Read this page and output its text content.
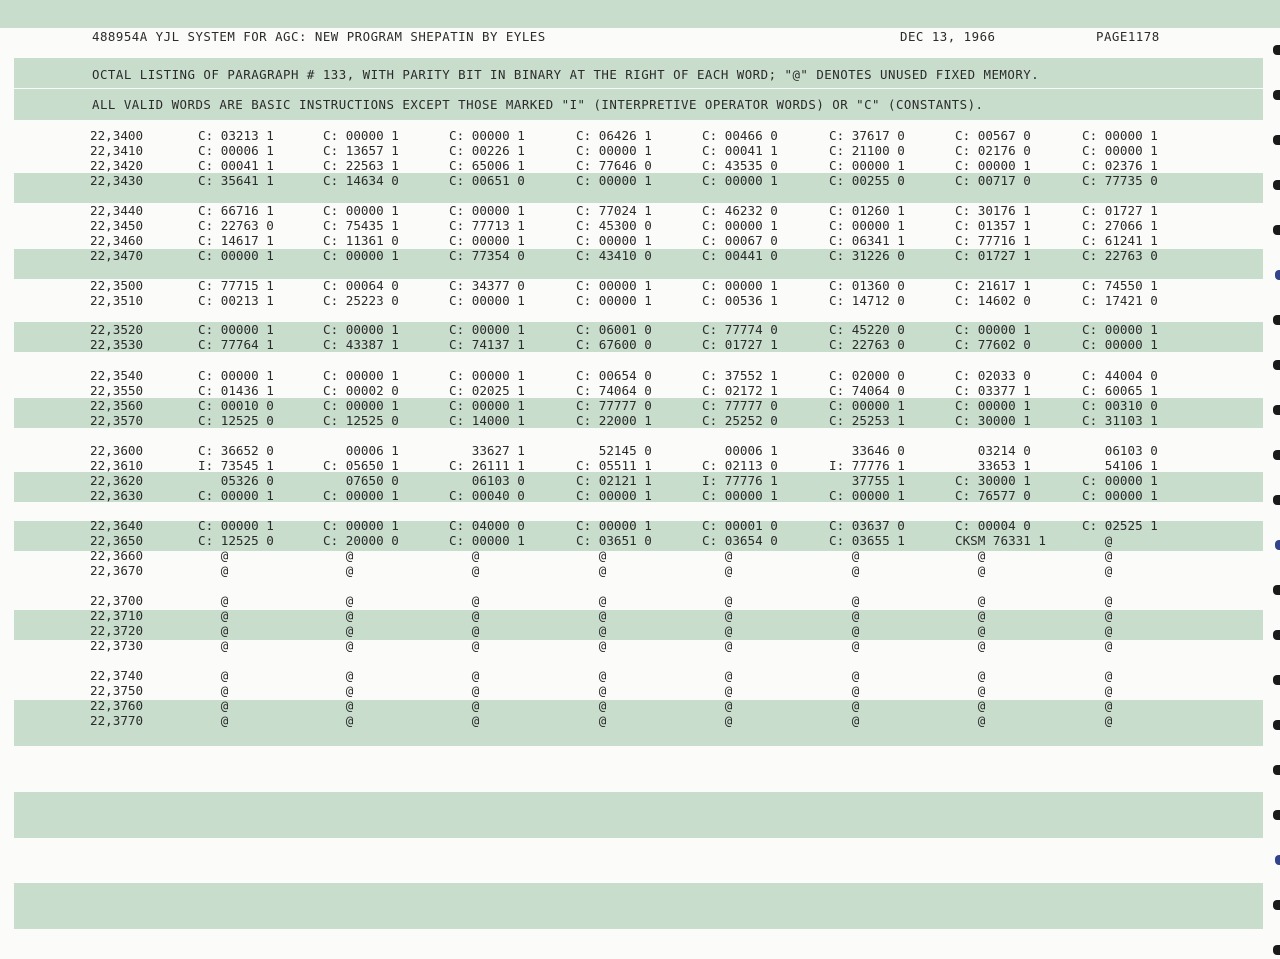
488954A YJL SYSTEM FOR AGC: NEW PROGRAM SHEPATIN BY EYLES	DEC 13, 1966	PAGE1178
OCTAL LISTING OF PARAGRAPH # 133, WITH PARITY BIT IN BINARY AT THE RIGHT OF EACH WORD; "@" DENOTES UNUSED FIXED MEMORY.
ALL VALID WORDS ARE BASIC INSTRUCTIONS EXCEPT THOSE MARKED "I" (INTERPRETIVE OPERATOR WORDS) OR "C" (CONSTANTS).
22,3400	C: 03213 1	C: 00000 1	C: 00000 1	C: 06426 1	C: 00466 0	C: 37617 0	C: 00567 0	C: 00000 1
22,3410	C: 00006 1	C: 13657 1	C: 00226 1	C: 00000 1	C: 00041 1	C: 21100 0	C: 02176 0	C: 00000 1
22,3420	C: 00041 1	C: 22563 1	C: 65006 1	C: 77646 0	C: 43535 0	C: 00000 1	C: 00000 1	C: 02376 1
22,3430	C: 35641 1	C: 14634 0	C: 00651 0	C: 00000 1	C: 00000 1	C: 00255 0	C: 00717 0	C: 77735 0
22,3440	C: 66716 1	C: 00000 1	C: 00000 1	C: 77024 1	C: 46232 0	C: 01260 1	C: 30176 1	C: 01727 1
22,3450	C: 22763 0	C: 75435 1	C: 77713 1	C: 45300 0	C: 00000 1	C: 00000 1	C: 01357 1	C: 27066 1
22,3460	C: 14617 1	C: 11361 0	C: 00000 1	C: 00000 1	C: 00067 0	C: 06341 1	C: 77716 1	C: 61241 1
22,3470	C: 00000 1	C: 00000 1	C: 77354 0	C: 43410 0	C: 00441 0	C: 31226 0	C: 01727 1	C: 22763 0
22,3500	C: 77715 1	C: 00064 0	C: 34377 0	C: 00000 1	C: 00000 1	C: 01360 0	C: 21617 1	C: 74550 1
22,3510	C: 00213 1	C: 25223 0	C: 00000 1	C: 00000 1	C: 00536 1	C: 14712 0	C: 14602 0	C: 17421 0
22,3520	C: 00000 1	C: 00000 1	C: 00000 1	C: 06001 0	C: 77774 0	C: 45220 0	C: 00000 1	C: 00000 1
22,3530	C: 77764 1	C: 43387 1	C: 74137 1	C: 67600 0	C: 01727 1	C: 22763 0	C: 77602 0	C: 00000 1
22,3540	C: 00000 1	C: 00000 1	C: 00000 1	C: 00654 0	C: 37552 1	C: 02000 0	C: 02033 0	C: 44004 0
22,3550	C: 01436 1	C: 00002 0	C: 02025 1	C: 74064 0	C: 02172 1	C: 74064 0	C: 03377 1	C: 60065 1
22,3560	C: 00010 0	C: 00000 1	C: 00000 1	C: 77777 0	C: 77777 0	C: 00000 1	C: 00000 1	C: 00310 0
22,3570	C: 12525 0	C: 12525 0	C: 14000 1	C: 22000 1	C: 25252 0	C: 25253 1	C: 30000 1	C: 31103 1
22,3600	C: 36652 0	00006 1	33627 1	52145 0	00006 1	33646 0	03214 0	06103 0
22,3610	I: 73545 1	C: 05650 1	C: 26111 1	C: 05511 1	C: 02113 0	I: 77776 1	33653 1	54106 1
22,3620	05326 0	07650 0	06103 0	C: 02121 1	I: 77776 1	37755 1	C: 30000 1	C: 00000 1
22,3630	C: 00000 1	C: 00000 1	C: 00040 0	C: 00000 1	C: 00000 1	C: 00000 1	C: 76577 0	C: 00000 1
22,3640	C: 00000 1	C: 00000 1	C: 04000 0	C: 00000 1	C: 00001 0	C: 03637 0	C: 00004 0	C: 02525 1
22,3650	C: 12525 0	C: 20000 0	C: 00000 1	C: 03651 0	C: 03654 0	C: 03655 1	CKSM 76331 1	@
22,3660	@	@	@	@	@	@	@	@
22,3670	@	@	@	@	@	@	@	@
22,3700	@	@	@	@	@	@	@	@
22,3710	@	@	@	@	@	@	@	@
22,3720	@	@	@	@	@	@	@	@
22,3730	@	@	@	@	@	@	@	@
22,3740	@	@	@	@	@	@	@	@
22,3750	@	@	@	@	@	@	@	@
22,3760	@	@	@	@	@	@	@	@
22,3770	@	@	@	@	@	@	@	@
